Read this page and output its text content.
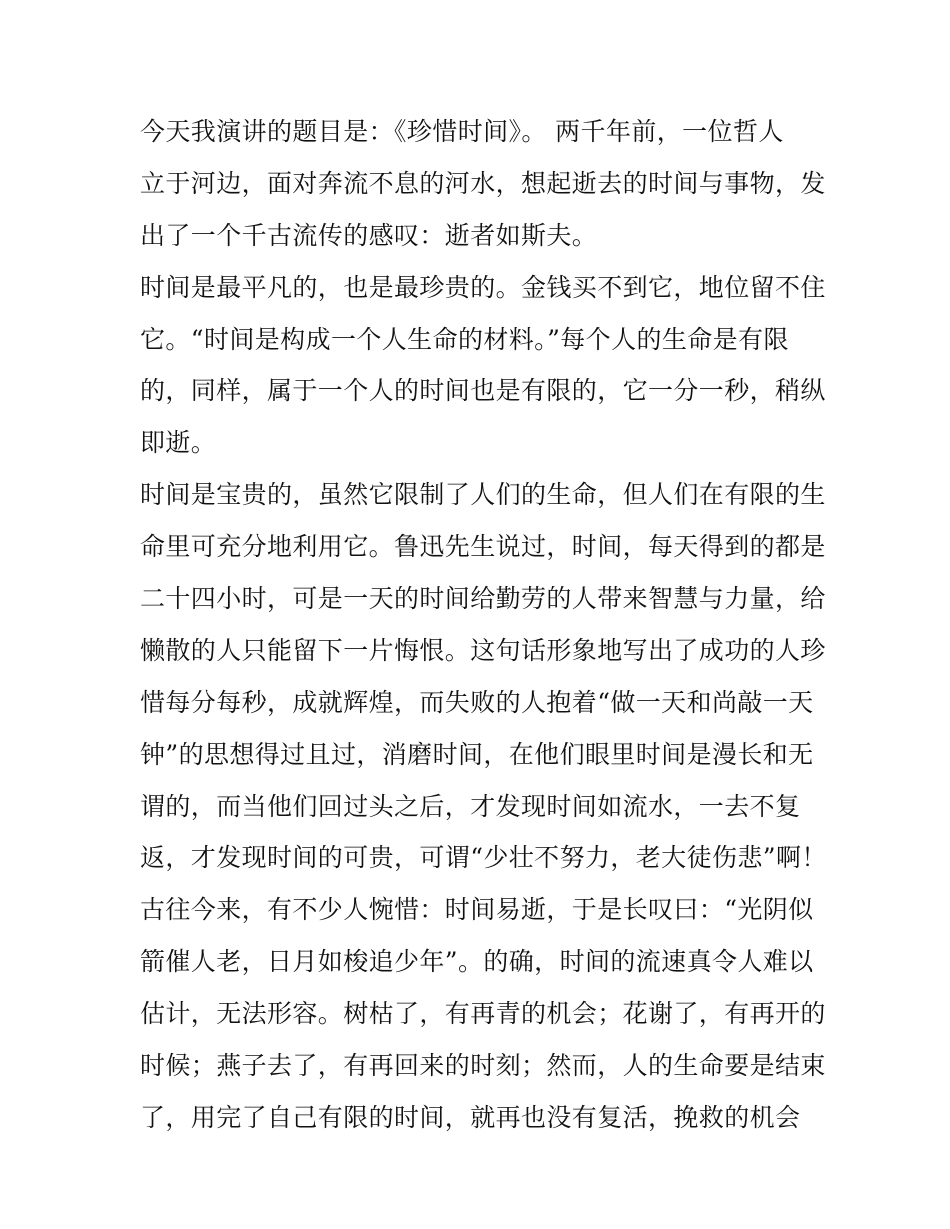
今天我演讲的题目是：《珍惜时间》。 两千年前，一位哲人
立于河边，面对奔流不息的河水，想起逝去的时间与事物，发
出了一个千古流传的感叹：逝者如斯夫。
时间是最平凡的，也是最珍贵的。金钱买不到它，地位留不住
它。“时间是构成一个人生命的材料。”每个人的生命是有限
的，同样，属于一个人的时间也是有限的，它一分一秒，稍纵
即逝。
时间是宝贵的，虽然它限制了人们的生命，但人们在有限的生
命里可充分地利用它。鲁迅先生说过，时间，每天得到的都是
二十四小时，可是一天的时间给勤劳的人带来智慧与力量，给
懒散的人只能留下一片悔恨。这句话形象地写出了成功的人珍
惜每分每秒，成就辉煌，而失败的人抱着“做一天和尚敲一天
钟”的思想得过且过，消磨时间，在他们眼里时间是漫长和无
谓的，而当他们回过头之后，才发现时间如流水，一去不复
返，才发现时间的可贵，可谓“少壮不努力，老大徒伤悲”啊！
古往今来，有不少人惋惜：时间易逝，于是长叹曰：“光阴似
箭催人老，日月如梭追少年”。的确，时间的流速真令人难以
估计，无法形容。树枯了，有再青的机会；花谢了，有再开的
时候；燕子去了，有再回来的时刻；然而，人的生命要是结束
了，用完了自己有限的时间，就再也没有复活，挽救的机会
